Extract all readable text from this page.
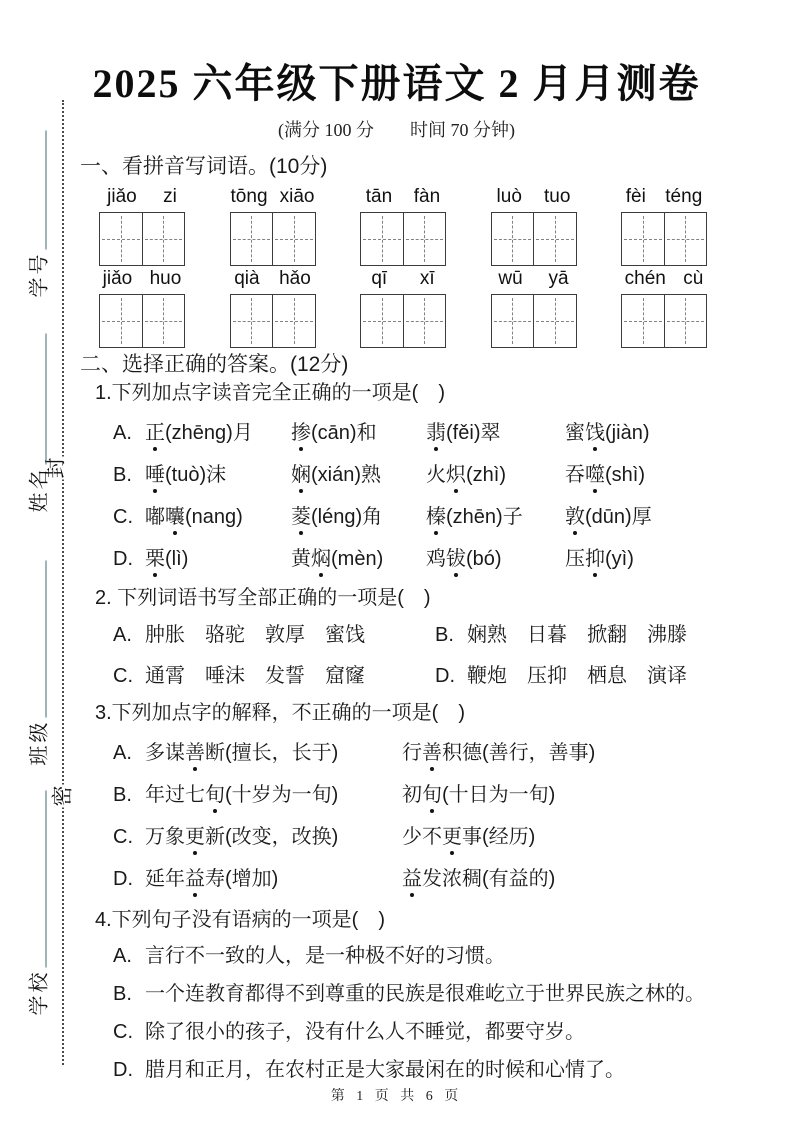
2025 六年级下册语文 2 月月测卷
(满分 100 分　　时间 70 分钟)
封
密
学号
姓名
班级
学校
一、看拼音写词语。(10分)
jiǎo zi	tōng xiāo	tān fàn	luò tuo	fèi téng
jiǎo huo	qià hǎo	qī xī	wū yā	chén cù
二、选择正确的答案。(12分)
1.下列加点字读音完全正确的一项是(　)
A. 正(zhēng)月	掺(cān)和	翡(fěi)翠	蜜饯(jiàn)
B. 唾(tuò)沫	娴(xián)熟	火炽(zhì)	吞噬(shì)
C. 嘟囔(nang)	菱(léng)角	榛(zhēn)子	敦(dūn)厚
D. 栗(lì)	黄焖(mèn)	鸡钹(bó)	压抑(yì)
2. 下列词语书写全部正确的一项是(　)
A. 肿胀　骆驼　敦厚　蜜饯	B. 娴熟　日暮　掀翻　沸滕
C. 通霄　唾沫　发誓　窟窿	D. 鞭炮　压抑　栖息　演译
3.下列加点字的解释，不正确的一项是(　)
A. 多谋善断(擅长，长于)	行善积德(善行，善事)
B. 年过七旬(十岁为一旬)	初旬(十日为一旬)
C. 万象更新(改变，改换)	少不更事(经历)
D. 延年益寿(增加)	益发浓稠(有益的)
4.下列句子没有语病的一项是(　)
A. 言行不一致的人，是一种极不好的习惯。
B. 一个连教育都得不到尊重的民族是很难屹立于世界民族之林的。
C. 除了很小的孩子，没有什么人不睡觉，都要守岁。
D. 腊月和正月，在农村正是大家最闲在的时候和心情了。
第 1 页 共 6 页
